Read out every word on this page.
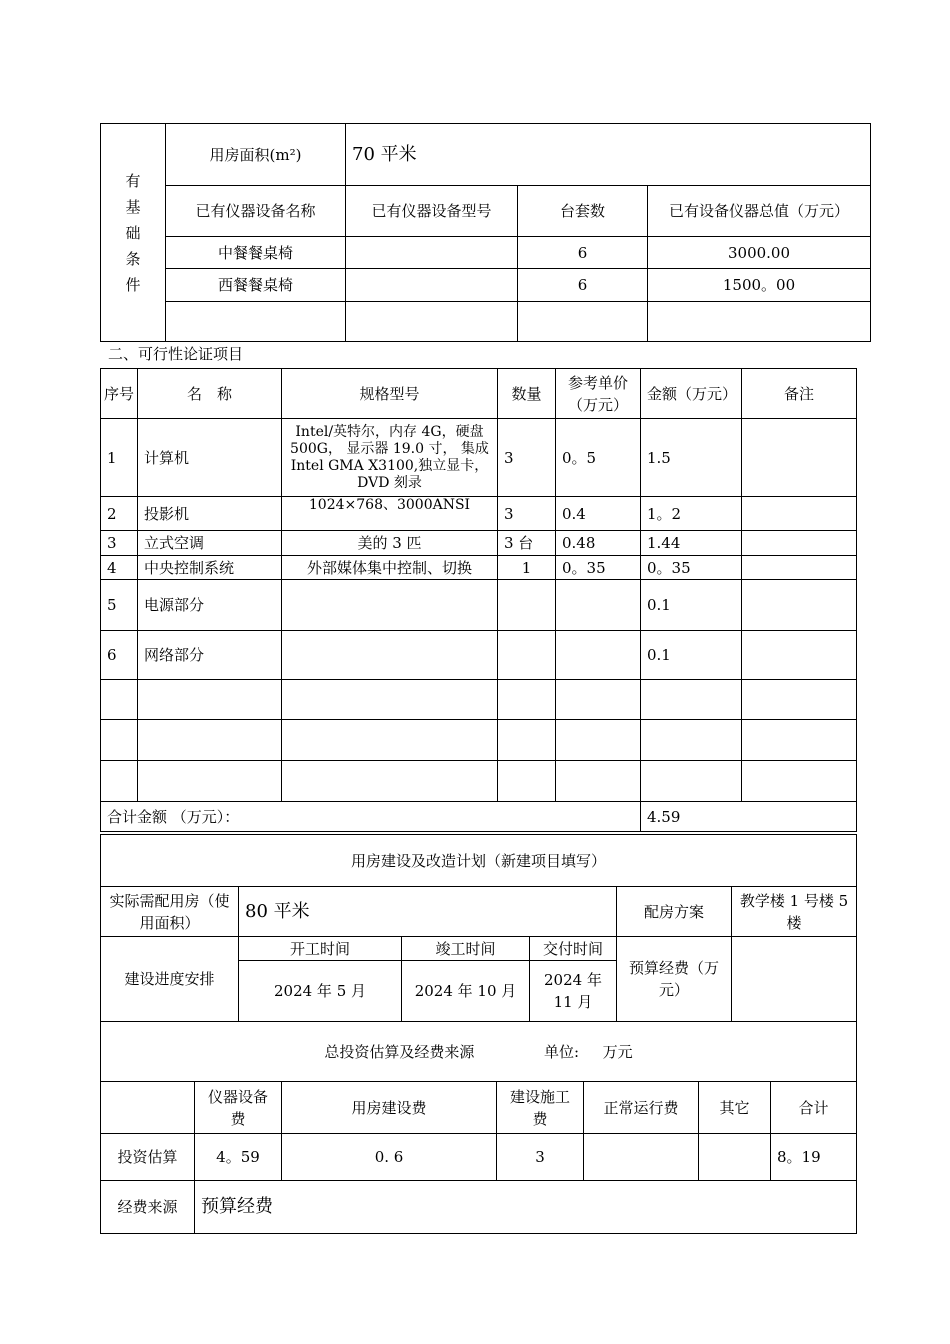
有
基
础
条
件	用房面积(m²)	70 平米		
	已有仪器设备名称	已有仪器设备型号	台套数	已有设备仪器总值（万元）
	中餐餐桌椅		6	3000.00
	西餐餐桌椅		6	1500。00

二、可行性论证项目
序号	名　称	规格型号	数量	参考单价（万元）	金额（万元）	备注
1	计算机	Intel/英特尔，内存 4G，硬盘 500G， 显示器 19.0 寸， 集成 Intel GMA X3100,独立显卡，DVD 刻录	3	0。5	1.5	
2	投影机	1024×768、3000ANSI	3	0.4	1。2	
3	立式空调	美的 3 匹	3 台	0.48	1.44	
4	中央控制系统	外部媒体集中控制、切换	1	0。35	0。35	
5	电源部分				0.1	
6	网络部分				0.1	

合计金额 （万元）：					4.59	
用房建设及改造计划（新建项目填写）					
实际需配用房（使用面积）	80 平米			配房方案	教学楼 1 号楼 5 楼
建设进度安排	开工时间	竣工时间	交付时间	预算经费（万元）	
	2024 年 5 月	2024 年 10 月	2024 年 11 月		
总投资估算及经费来源 单位: 万元					
	仪器设备费	用房建设费	建设施工费	正常运行费	其它	合计
投资估算	4。59	0. 6	3			8。19
经费来源	预算经费					
